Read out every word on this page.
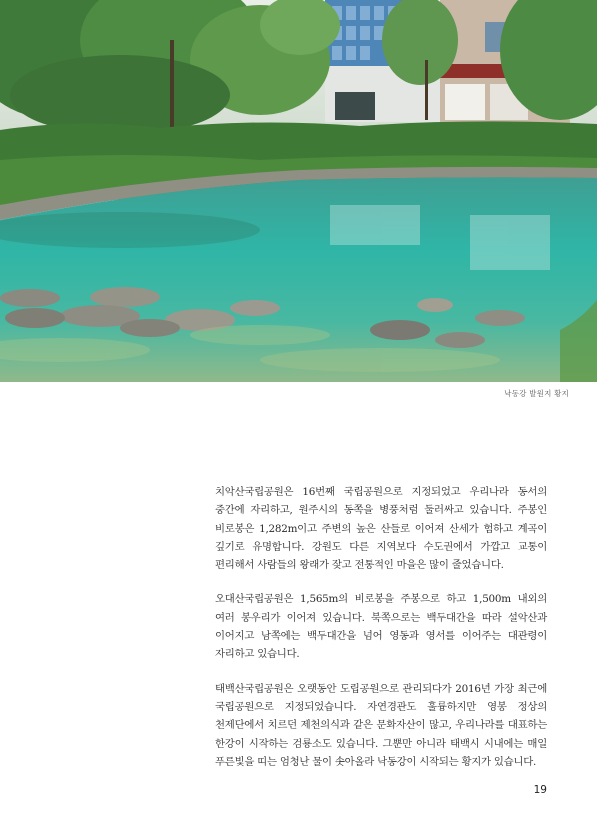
낙동강 발원지 황지

치악산국립공원은 16번째 국립공원으로 지정되었고 우리나라 동서의 중간에 자리하고, 원주시의 동쪽을 병풍처럼 둘러싸고 있습니다. 주봉인 비로봉은 1,282m이고 주변의 높은 산들로 이어져 산세가 험하고 계곡이 깊기로 유명합니다. 강원도 다른 지역보다 수도권에서 가깝고 교통이 편리해서 사람들의 왕래가 잦고 전통적인 마을은 많이 줄었습니다.

오대산국립공원은 1,565m의 비로봉을 주봉으로 하고 1,500m 내외의 여러 봉우리가 이어져 있습니다. 북쪽으로는 백두대간을 따라 설악산과 이어지고 남쪽에는 백두대간을 넘어 영동과 영서를 이어주는 대관령이 자리하고 있습니다.

태백산국립공원은 오랫동안 도립공원으로 관리되다가 2016년 가장 최근에 국립공원으로 지정되었습니다. 자연경관도 훌륭하지만 영봉 정상의 천제단에서 치르던 제천의식과 같은 문화자산이 많고, 우리나라를 대표하는 한강이 시작하는 검룡소도 있습니다. 그뿐만 아니라 태백시 시내에는 매일 푸른빛을 띠는 엄청난 물이 솟아올라 낙동강이 시작되는 황지가 있습니다.

19
